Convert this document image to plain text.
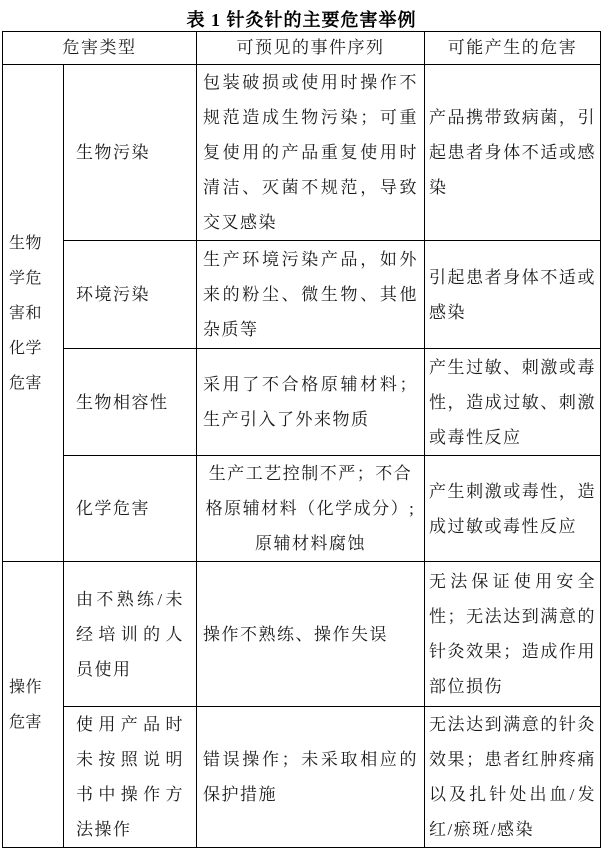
表 1 针灸针的主要危害举例
危害类型		可预见的事件序列	可能产生的危害
生物学危害和化学危害	生物污染	包装破损或使用时操作不规范造成生物污染；可重复使用的产品重复使用时清洁、灭菌不规范，导致交叉感染	产品携带致病菌，引起患者身体不适或感染
	环境污染	生产环境污染产品，如外来的粉尘、微生物、其他杂质等	引起患者身体不适或感染
	生物相容性	采用了不合格原辅材料；生产引入了外来物质	产生过敏、刺激或毒性，造成过敏、刺激或毒性反应
	化学危害	生产工艺控制不严；不合格原辅材料（化学成分）;原辅材料腐蚀	产生刺激或毒性，造成过敏或毒性反应
操作危害	由不熟练/未经培训的人员使用	操作不熟练、操作失误	无法保证使用安全性；无法达到满意的针灸效果；造成作用部位损伤
	使用产品时未按照说明书中操作方法操作	错误操作；未采取相应的保护措施	无法达到满意的针灸效果；患者红肿疼痛以及扎针处出血/发红/瘀斑/感染
